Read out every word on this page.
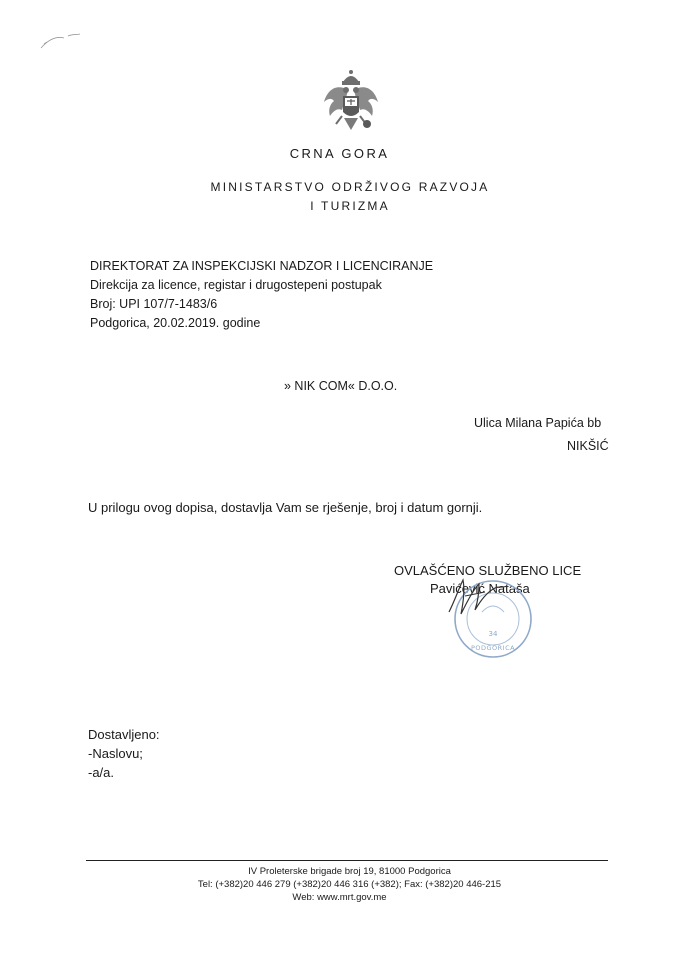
CRNA GORA
MINISTARSTVO ODRŽIVOG RAZVOJA
I TURIZMA
DIREKTORAT ZA INSPEKCIJSKI NADZOR I LICENCIRANJE
Direkcija za licence, registar i drugostepeni postupak
Broj: UPI 107/7-1483/6
Podgorica, 20.02.2019. godine
» NIK COM« D.O.O.
Ulica Milana Papića bb
NIKŠIĆ
U prilogu ovog dopisa, dostavlja Vam se rješenje, broj i datum gornji.
OVLAŠĆENO SLUŽBENO LICE
Pavićević Nataša
34
PODGORICA
Dostavljeno:
-Naslovu;
-a/a.
IV Proleterske brigade broj 19, 81000 Podgorica
Tel: (+382)20 446 279 (+382)20 446 316 (+382); Fax: (+382)20 446-215
Web: www.mrt.gov.me
